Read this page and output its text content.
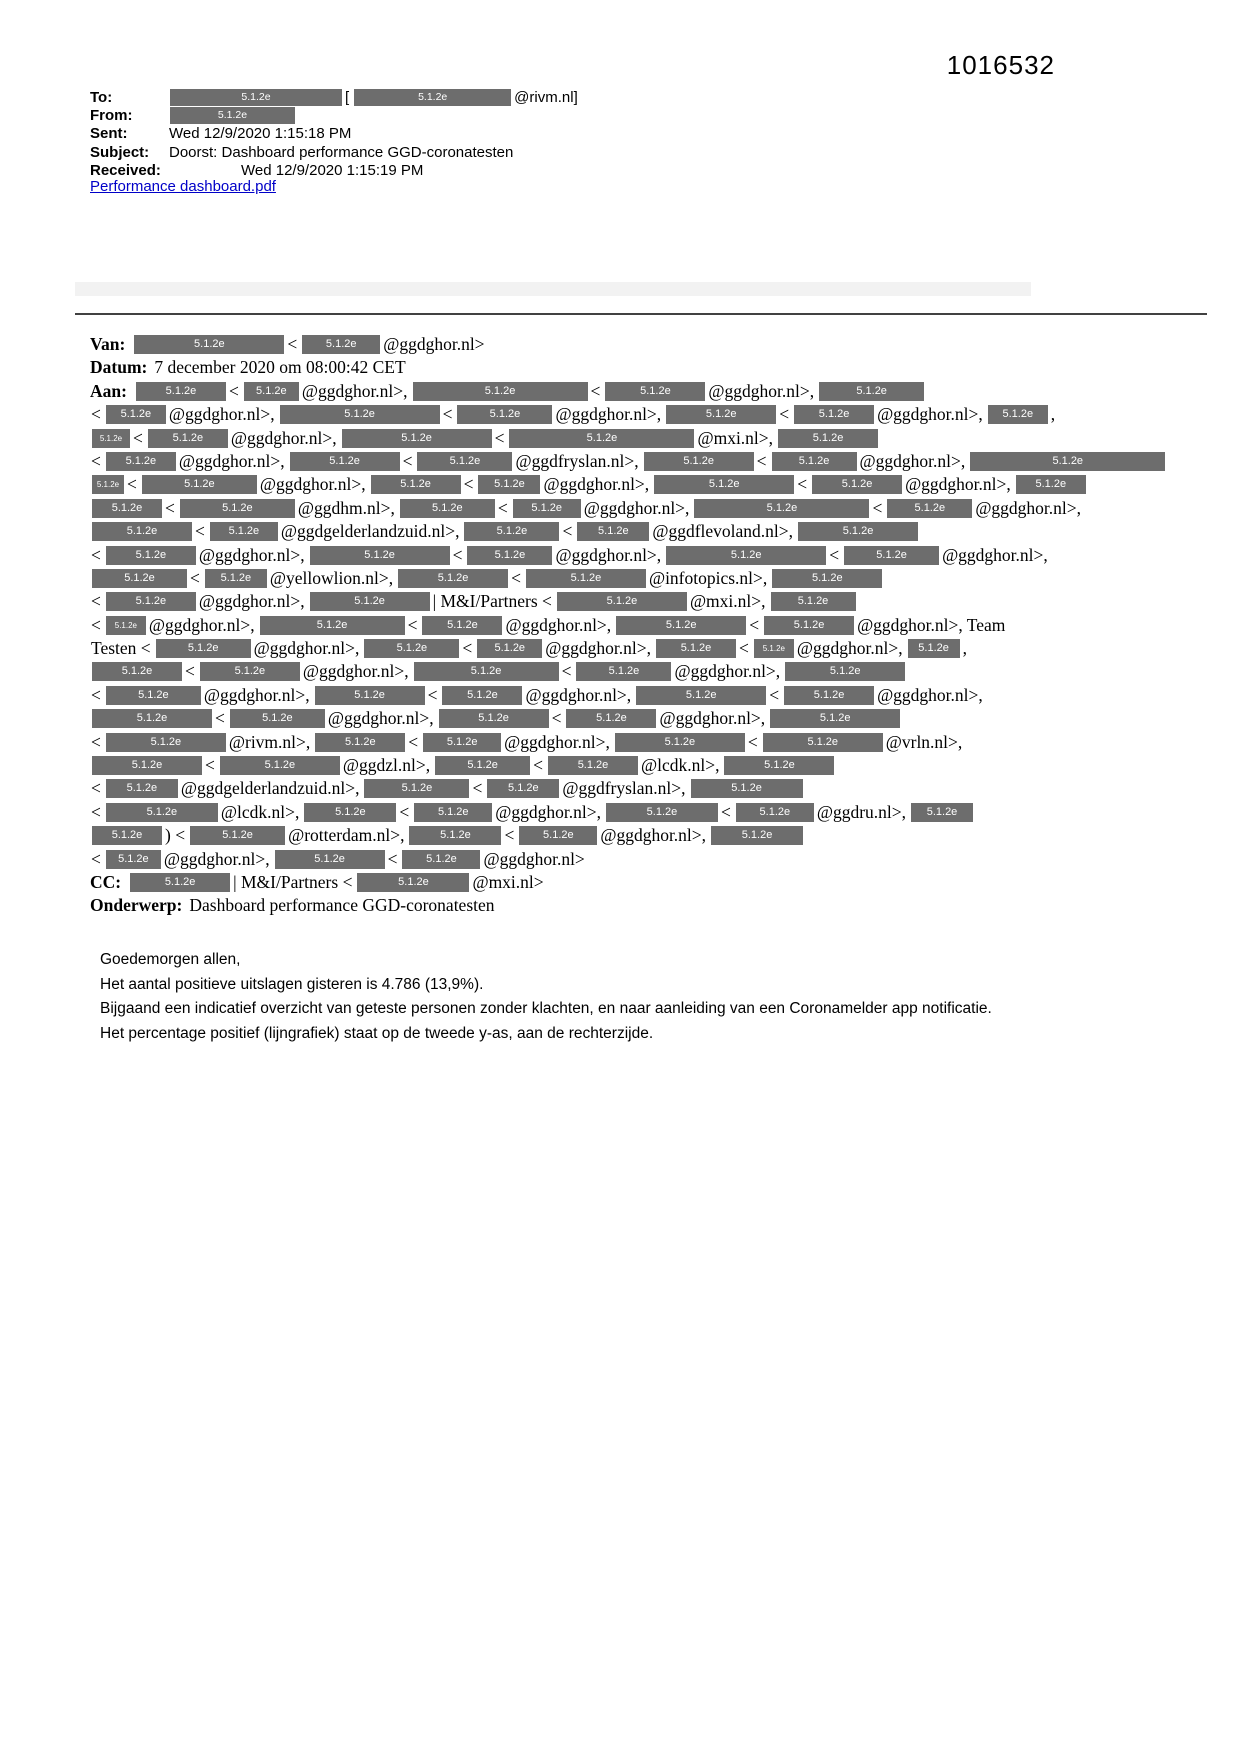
1016532
To:	5.1.2e	[	5.1.2e	@rivm.nl]
From:	5.1.2e
Sent:	Wed 12/9/2020 1:15:18 PM
Subject:	Doorst: Dashboard performance GGD-coronatesten
Received:	Wed 12/9/2020 1:15:19 PM
Performance dashboard.pdf
Van:	5.1.2e	<	5.1.2e @ggdghor.nl>
Datum: 7 december 2020 om 08:00:42 CET
Aan:	5.1.2e < 5.1.2e @ggdghor.nl>,	5.1.2e	<	5.1.2e @ggdghor.nl>,	5.1.2e
< 5.1.2e @ggdghor.nl>,	5.1.2e	<	5.1.2e @ggdghor.nl>,	5.1.2e <	5.1.2e @ggdghor.nl>, 5.1.2e ,
5.1.2e <	5.1.2e @ggdghor.nl>,	5.1.2e	<	5.1.2e	@mxi.nl>,	5.1.2e
< 5.1.2e @ggdghor.nl>,	5.1.2e <	5.1.2e @ggdfryslan.nl>,	5.1.2e <	5.1.2e @ggdghor.nl>,	5.1.2e
5.1.2e <	5.1.2e	@ggdghor.nl>,	5.1.2e < 5.1.2e @ggdghor.nl>,	5.1.2e	<	5.1.2e @ggdghor.nl>, 5.1.2e
5.1.2e <	5.1.2e	@ggdhm.nl>,	5.1.2e < 5.1.2e @ggdghor.nl>,	5.1.2e	<	5.1.2e @ggdghor.nl>,
5.1.2e < 5.1.2e @ggdgelderlandzuid.nl>,	5.1.2e < 5.1.2e @ggdflevoland.nl>,	5.1.2e
<	5.1.2e @ggdghor.nl>,	5.1.2e	<	5.1.2e @ggdghor.nl>,	5.1.2e	<	5.1.2e @ggdghor.nl>,
5.1.2e < 5.1.2e @yellowlion.nl>,	5.1.2e <	5.1.2e	@infotopics.nl>,	5.1.2e
<	5.1.2e @ggdghor.nl>,	5.1.2e	| M&I/Partners <	5.1.2e	@mxi.nl>,	5.1.2e
< 5.1.2e @ggdghor.nl>,	5.1.2e	<	5.1.2e @ggdghor.nl>,	5.1.2e	<	5.1.2e @ggdghor.nl>, Team
Testen <	5.1.2e @ggdghor.nl>,	5.1.2e < 5.1.2e @ggdghor.nl>,	5.1.2e < 5.1.2e @ggdghor.nl>, 5.1.2e ,
5.1.2e <	5.1.2e @ggdghor.nl>,	5.1.2e	<	5.1.2e @ggdghor.nl>,	5.1.2e
<	5.1.2e @ggdghor.nl>,	5.1.2e <	5.1.2e @ggdghor.nl>,	5.1.2e	<	5.1.2e @ggdghor.nl>,
5.1.2e	<	5.1.2e @ggdghor.nl>,	5.1.2e <	5.1.2e @ggdghor.nl>,	5.1.2e
<	5.1.2e	@rivm.nl>,	5.1.2e <	5.1.2e @ggdghor.nl>,	5.1.2e	<	5.1.2e	@vrln.nl>,
5.1.2e <	5.1.2e	@ggdzl.nl>,	5.1.2e <	5.1.2e @lcdk.nl>,	5.1.2e
< 5.1.2e @ggdgelderlandzuid.nl>,	5.1.2e < 5.1.2e @ggdfryslan.nl>,	5.1.2e
<	5.1.2e @lcdk.nl>,	5.1.2e <	5.1.2e @ggdghor.nl>,	5.1.2e <	5.1.2e @ggdru.nl>, 5.1.2e
5.1.2e ) <	5.1.2e @rotterdam.nl>,	5.1.2e <	5.1.2e @ggdghor.nl>,	5.1.2e
< 5.1.2e @ggdghor.nl>,	5.1.2e <	5.1.2e @ggdghor.nl>
CC:	5.1.2e | M&I/Partners <	5.1.2e @mxi.nl>
Onderwerp: Dashboard performance GGD-coronatesten
Goedemorgen allen,
Het aantal positieve uitslagen gisteren is 4.786 (13,9%).
Bijgaand een indicatief overzicht van geteste personen zonder klachten, en naar aanleiding van een Coronamelder app notificatie.
Het percentage positief (lijngrafiek) staat op de tweede y-as, aan de rechterzijde.
